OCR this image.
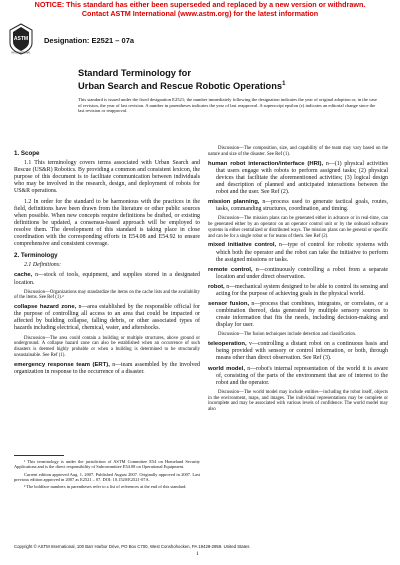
NOTICE: This standard has either been superseded and replaced by a new version or withdrawn.
Contact ASTM International (www.astm.org) for the latest information
ASTM
INTERNATIONAL
Designation: E2521 – 07a
Standard Terminology for
Urban Search and Rescue Robotic Operations$^1$
This standard is issued under the fixed designation E2521; the number immediately following the designation indicates the year of original adoption or, in the case of revision, the year of last revision. A number in parentheses indicates the year of last reapproval. A superscript epsilon (ε) indicates an editorial change since the last revision or reapproval.
1. Scope

1.1 This terminology covers terms associated with Urban Search and Rescue (US&R) Robotics. By providing a common and consistent lexicon, the purpose of this document is to facilitate communication between individuals who may be involved in the research, design, and deployment of robots for US&R operations.

1.2 In order for the standard to be harmonious with the practices in the field, definitions have been drawn from the literature or other public sources when possible. When new concepts require definitions be drafted, or existing definitions be updated, a consensus-based approach will be employed to resolve them. The development of this standard is taking place in close coordination with the corresponding efforts in E54.08 and E54.92 to ensure comprehensive and consistent coverage.

2. Terminology

2.1 Definitions:

cache, n—stock of tools, equipment, and supplies stored in a designated location.

Discussion—Organizations may standardize the items on the cache lists and the availability of the items. See Ref (1).²

collapse hazard zone, n—area established by the responsible official for the purpose of controlling all access to an area that could be impacted or affected by building collapse, falling debris, or other associated types of hazards including electrical, chemical, water, and aftershocks.

Discussion—The area could contain a building or multiple structures, above ground or underground. A collapse hazard zone can also be established when an occurrence of such disasters is deemed highly probable or when a building is determined to be structurally unsustainable. See Ref (1).

emergency response team (ERT), n—team assembled by the involved organization in response to the occurrence of a disaster.

¹ This terminology is under the jurisdiction of ASTM Committee E54 on Homeland Security Applications and is the direct responsibility of Subcommittee E54.08 on Operational Equipment.

Current edition approved Aug. 1, 2007. Published August 2007. Originally approved in 2007. Last previous edition approved in 2007 as E2521 – 07. DOI: 10.1520/E2521-07A.

² The boldface numbers in parentheses refer to a list of references at the end of this standard.

Discussion—The composition, size, and capability of the team may vary based on the nature and size of the disaster. See Ref (1).

human robot interaction/interface (HRI), n—(1) physical activities that users engage with robots to perform assigned tasks; (2) physical devices that facilitate the aforementioned activities; (3) logical design and description of planned and anticipated interactions between the robot and the user. See Ref (2).

mission planning, n—process used to generate tactical goals, routes, tasks, commanding structures, coordination, and timing.

Discussion—The mission plans can be generated either in advance or in real-time, can be generated either by an operator on an operator control unit or by the onboard software systems in either centralized or distributed ways. The mission plans can be general or specific and can be for a single robot or for teams of them. See Ref (2).

mixed initiative control, n—type of control for robotic systems with which both the operator and the robot can take the initiative to perform the assigned missions or tasks.

remote control, n—continuously controlling a robot from a separate location and under direct observation.

robot, n—mechanical system designed to be able to control its sensing and acting for the purpose of achieving goals in the physical world.

sensor fusion, n—process that combines, integrates, or correlates, or a combination thereof, data generated by multiple sensory sources to create information that fits the needs, including decision-making and display for user.

Discussion—The fusion techniques include detection and classification.

teleoperation, v—controlling a distant robot on a continuous basis and being provided with sensory or control information, or both, through means other than direct observation. See Ref (3).

world model, n—robot's internal representation of the world it is aware of, consisting of the parts of the environment that are of interest to the robot and the operator.

Discussion—The world model may include entities—including the robot itself, objects in the environment, maps, and images. The individual representations may be complete or incomplete and may be associated with various levels of confidence. The world model may also

Copyright © ASTM International, 100 Barr Harbor Drive, PO Box C700, West Conshohocken, PA 19428-2959. United States
1
